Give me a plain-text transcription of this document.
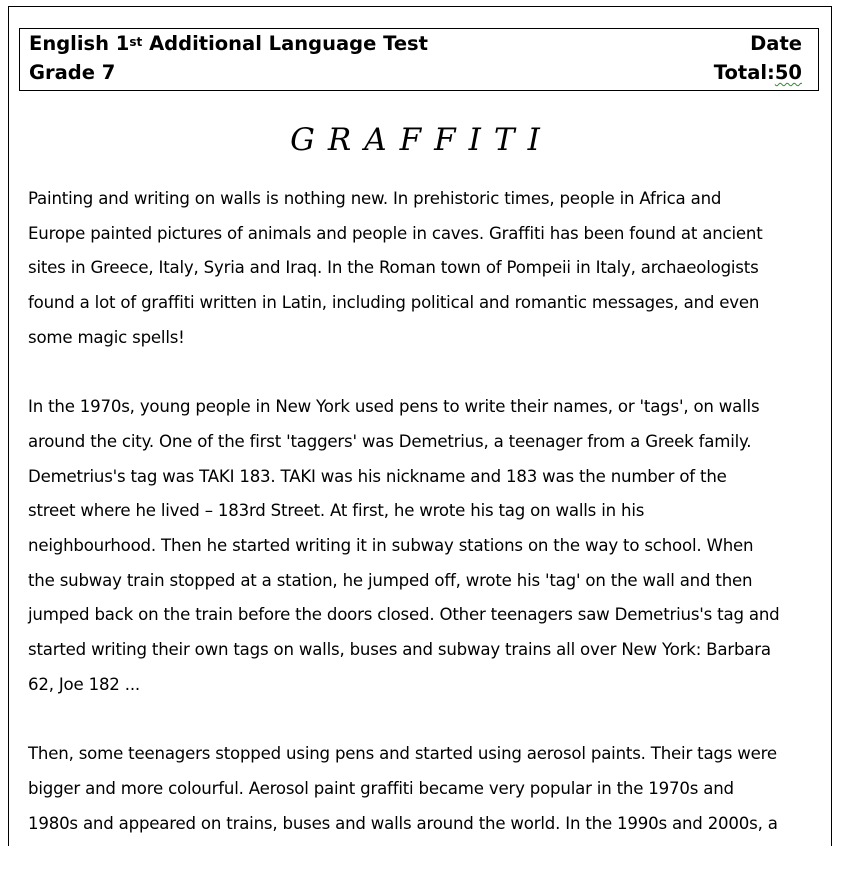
English 1st Additional Language Test	Date
Grade 7	Total:50
GRAFFITI
Painting and writing on walls is nothing new. In prehistoric times, people in Africa and
Europe painted pictures of animals and people in caves. Graffiti has been found at ancient
sites in Greece, Italy, Syria and Iraq. In the Roman town of Pompeii in Italy, archaeologists
found a lot of graffiti written in Latin, including political and romantic messages, and even
some magic spells!
In the 1970s, young people in New York used pens to write their names, or 'tags', on walls
around the city. One of the first 'taggers' was Demetrius, a teenager from a Greek family.
Demetrius's tag was TAKI 183. TAKI was his nickname and 183 was the number of the
street where he lived – 183rd Street. At first, he wrote his tag on walls in his
neighbourhood. Then he started writing it in subway stations on the way to school. When
the subway train stopped at a station, he jumped off, wrote his 'tag' on the wall and then
jumped back on the train before the doors closed. Other teenagers saw Demetrius's tag and
started writing their own tags on walls, buses and subway trains all over New York: Barbara
62, Joe 182 ...
Then, some teenagers stopped using pens and started using aerosol paints. Their tags were
bigger and more colourful. Aerosol paint graffiti became very popular in the 1970s and
1980s and appeared on trains, buses and walls around the world. In the 1990s and 2000s, a
